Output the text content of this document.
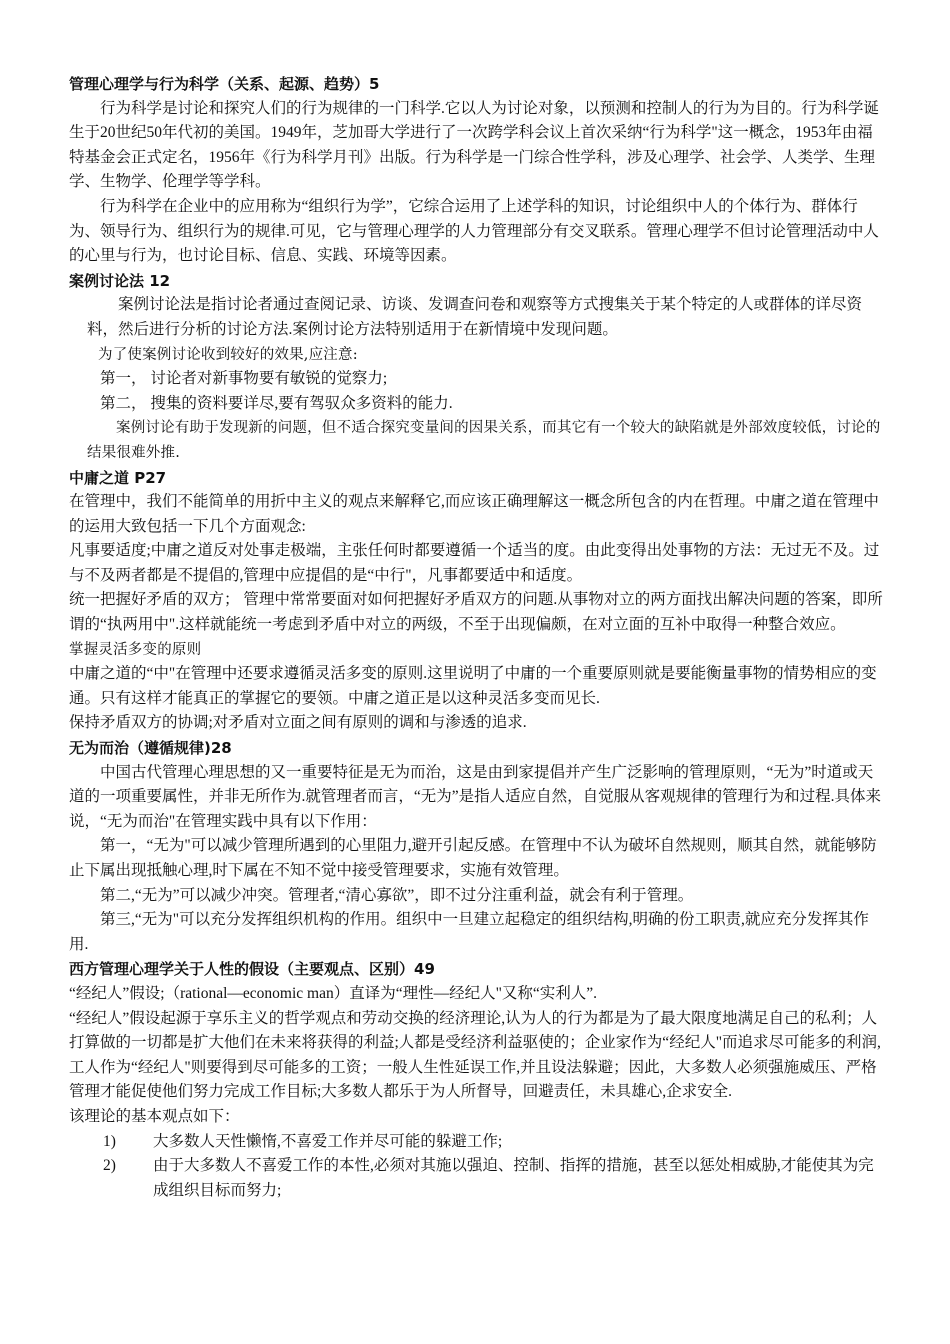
管理心理学与行为科学（关系、起源、趋势）5

行为科学是讨论和探究人们的行为规律的一门科学.它以人为讨论对象，以预测和控制人的行为为目的。行为科学诞生于20世纪50年代初的美国。1949年，芝加哥大学进行了一次跨学科会议上首次采纳“行为科学"这一概念，1953年由福特基金会正式定名，1956年《行为科学月刊》出版。行为科学是一门综合性学科，涉及心理学、社会学、人类学、生理学、生物学、伦理学等学科。

行为科学在企业中的应用称为“组织行为学”，它综合运用了上述学科的知识，讨论组织中人的个体行为、群体行为、领导行为、组织行为的规律.可见，它与管理心理学的人力管理部分有交叉联系。管理心理学不但讨论管理活动中人的心里与行为，也讨论目标、信息、实践、环境等因素。

案例讨论法 12

案例讨论法是指讨论者通过查阅记录、访谈、发调查问卷和观察等方式搜集关于某个特定的人或群体的详尽资料，然后进行分析的讨论方法.案例讨论方法特别适用于在新情境中发现问题。

为了使案例讨论收到较好的效果,应注意:

第一， 讨论者对新事物要有敏锐的觉察力;

第二， 搜集的资料要详尽,要有驾驭众多资料的能力.

案例讨论有助于发现新的问题，但不适合探究变量间的因果关系，而其它有一个较大的缺陷就是外部效度较低，讨论的结果很难外推.

中庸之道 P27

在管理中，我们不能简单的用折中主义的观点来解释它,而应该正确理解这一概念所包含的内在哲理。中庸之道在管理中的运用大致包括一下几个方面观念:

凡事要适度;中庸之道反对处事走极端，主张任何时都要遵循一个适当的度。由此变得出处事物的方法：无过无不及。过与不及两者都是不提倡的,管理中应提倡的是“中行"，凡事都要适中和适度。

统一把握好矛盾的双方； 管理中常常要面对如何把握好矛盾双方的问题.从事物对立的两方面找出解决问题的答案，即所谓的“执两用中".这样就能统一考虑到矛盾中对立的两级，不至于出现偏颇，在对立面的互补中取得一种整合效应。

掌握灵活多变的原则

中庸之道的“中"在管理中还要求遵循灵活多变的原则.这里说明了中庸的一个重要原则就是要能衡量事物的情势相应的变通。只有这样才能真正的掌握它的要领。中庸之道正是以这种灵活多变而见长.

保持矛盾双方的协调;对矛盾对立面之间有原则的调和与渗透的追求.

无为而治（遵循规律)28

中国古代管理心理思想的又一重要特征是无为而治，这是由到家提倡并产生广泛影响的管理原则，“无为”时道或天道的一项重要属性，并非无所作为.就管理者而言，“无为”是指人适应自然，自觉服从客观规律的管理行为和过程.具体来说，“无为而治"在管理实践中具有以下作用：

第一，“无为"可以减少管理所遇到的心里阻力,避开引起反感。在管理中不认为破坏自然规则，顺其自然，就能够防止下属出现抵触心理,时下属在不知不觉中接受管理要求，实施有效管理。

第二,“无为”可以减少冲突。管理者,“清心寡欲”，即不过分注重利益，就会有利于管理。

第三,“无为"可以充分发挥组织机构的作用。组织中一旦建立起稳定的组织结构,明确的份工职责,就应充分发挥其作用.

西方管理心理学关于人性的假设（主要观点、区别）49

“经纪人”假设;（rational—economic man）直译为“理性—经纪人"又称“实利人”.

“经纪人”假设起源于享乐主义的哲学观点和劳动交换的经济理论,认为人的行为都是为了最大限度地满足自己的私利；人打算做的一切都是扩大他们在未来将获得的利益;人都是受经济利益驱使的；企业家作为“经纪人"而追求尽可能多的利润,工人作为“经纪人"则要得到尽可能多的工资；一般人生性延误工作,并且设法躲避；因此，大多数人必须强施威压、严格管理才能促使他们努力完成工作目标;大多数人都乐于为人所督导，回避责任，未具雄心,企求安全.

该理论的基本观点如下：

1)	大多数人天性懒惰,不喜爱工作并尽可能的躲避工作;
2)	由于大多数人不喜爱工作的本性,必须对其施以强迫、控制、指挥的措施，甚至以惩处相威胁,才能使其为完成组织目标而努力;
